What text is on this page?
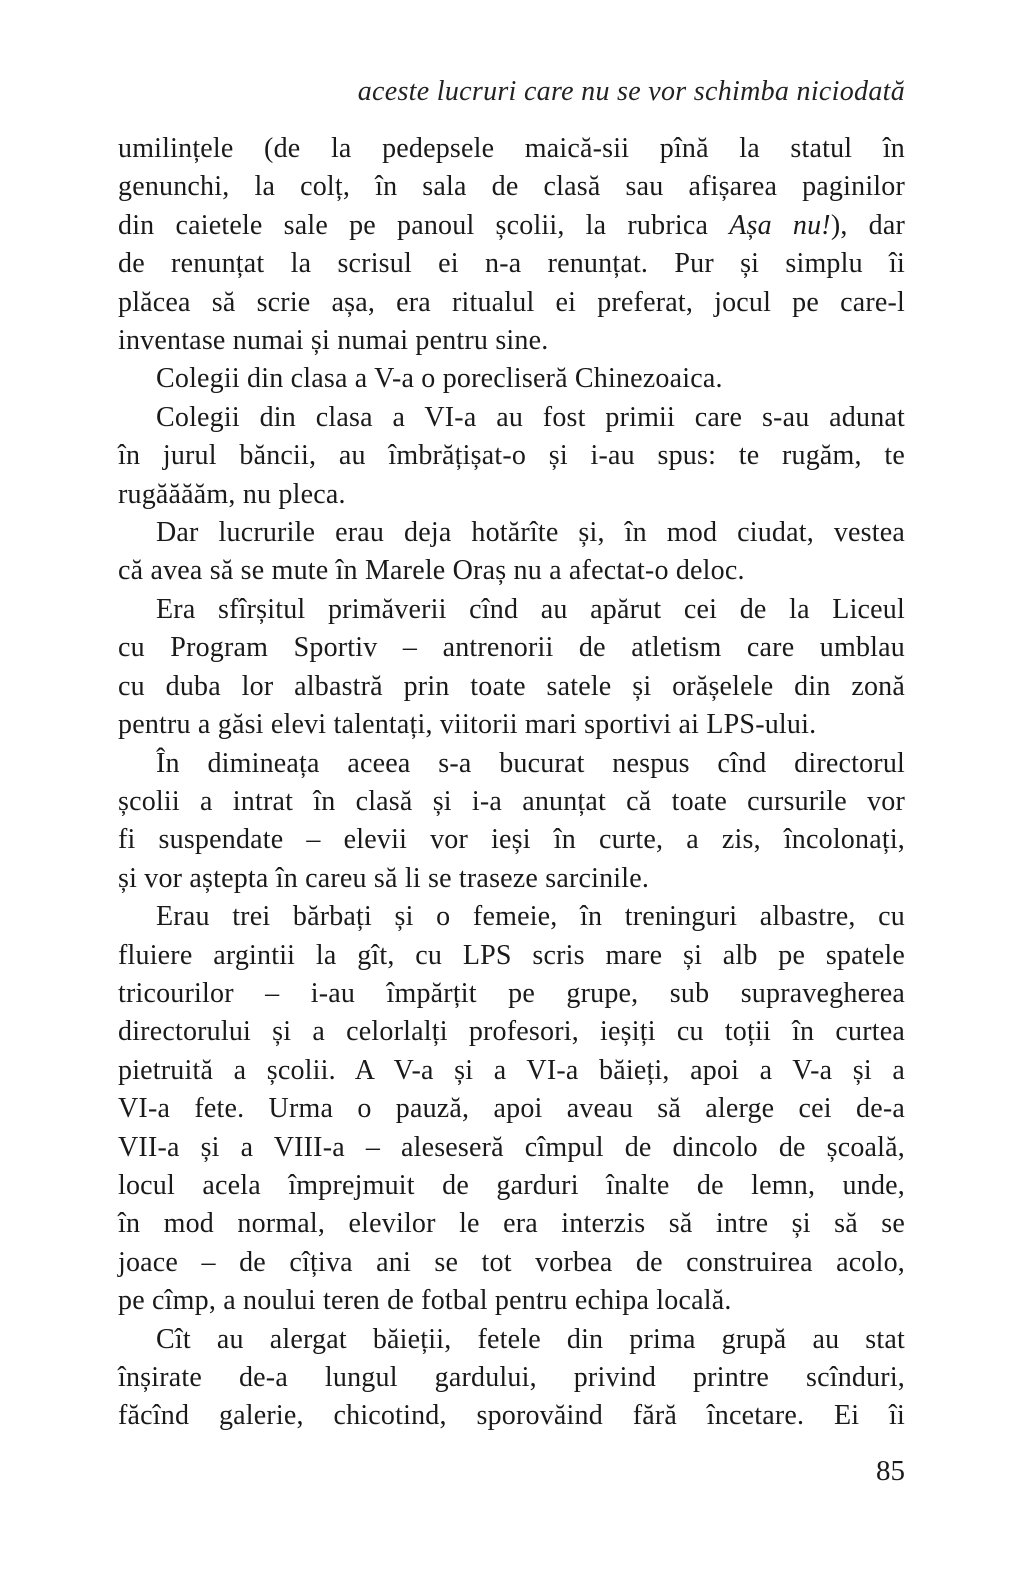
aceste lucruri care nu se vor schimba niciodată
umilințele (de la pedepsele maică-sii pînă la statul în
genunchi, la colț, în sala de clasă sau afișarea paginilor
din caietele sale pe panoul școlii, la rubrica Așa nu!), dar
de renunțat la scrisul ei n-a renunțat. Pur și simplu îi
plăcea să scrie așa, era ritualul ei preferat, jocul pe care-l
inventase numai și numai pentru sine.
Colegii din clasa a V-a o porecliseră Chinezoaica.
Colegii din clasa a VI-a au fost primii care s-au adunat
în jurul băncii, au îmbrățișat-o și i-au spus: te rugăm, te
rugăăăăm, nu pleca.
Dar lucrurile erau deja hotărîte și, în mod ciudat, vestea
că avea să se mute în Marele Oraș nu a afectat-o deloc.
Era sfîrșitul primăverii cînd au apărut cei de la Liceul
cu Program Sportiv – antrenorii de atletism care umblau
cu duba lor albastră prin toate satele și orășelele din zonă
pentru a găsi elevi talentați, viitorii mari sportivi ai LPS-ului.
În dimineața aceea s-a bucurat nespus cînd directorul
școlii a intrat în clasă și i-a anunțat că toate cursurile vor
fi suspendate – elevii vor ieși în curte, a zis, încolonați,
și vor aștepta în careu să li se traseze sarcinile.
Erau trei bărbați și o femeie, în treninguri albastre, cu
fluiere argintii la gît, cu LPS scris mare și alb pe spatele
tricourilor – i-au împărțit pe grupe, sub supravegherea
directorului și a celorlalți profesori, ieșiți cu toții în curtea
pietruită a școlii. A V-a și a VI-a băieți, apoi a V-a și a
VI-a fete. Urma o pauză, apoi aveau să alerge cei de-a
VII-a și a VIII-a – aleseseră cîmpul de dincolo de școală,
locul acela împrejmuit de garduri înalte de lemn, unde,
în mod normal, elevilor le era interzis să intre și să se
joace – de cîțiva ani se tot vorbea de construirea acolo,
pe cîmp, a noului teren de fotbal pentru echipa locală.
Cît au alergat băieții, fetele din prima grupă au stat
înșirate de-a lungul gardului, privind printre scînduri,
făcînd galerie, chicotind, sporovăind fără încetare. Ei îi
85
